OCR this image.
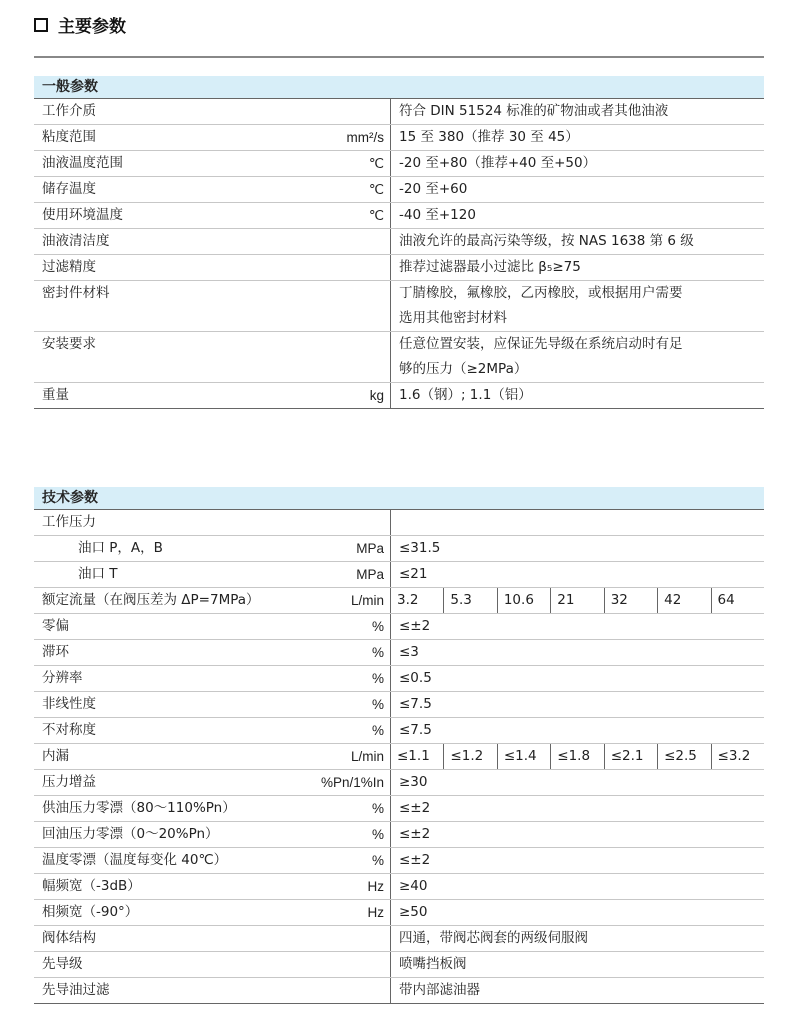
主要参数
一般参数
工作介质	符合 DIN 51524 标准的矿物油或者其他油液
粘度范围	mm²/s	15 至 380（推荐 30 至 45）
油液温度范围	℃	-20 至+80（推荐+40 至+50）
储存温度	℃	-20 至+60
使用环境温度	℃	-40 至+120
油液清洁度	油液允许的最高污染等级，按 NAS 1638 第 6 级
过滤精度	推荐过滤器最小过滤比 β₅≥75
密封件材料	丁腈橡胶，氟橡胶，乙丙橡胶，或根据用户需要
选用其他密封材料
安装要求	任意位置安装，应保证先导级在系统启动时有足
够的压力（≥2MPa）
重量	kg	1.6（钢）; 1.1（铝）
技术参数
工作压力
油口 P，A，B	MPa	≤31.5
油口 T	MPa	≤21
额定流量（在阀压差为 ΔP=7MPa）	L/min 3.2	5.3	10.6	21	32	42	64
零偏	%	≤±2
滞环	%	≤3
分辨率	%	≤0.5
非线性度	%	≤7.5
不对称度	%	≤7.5
内漏	L/min ≤1.1	≤1.2	≤1.4	≤1.8	≤2.1	≤2.5	≤3.2
压力增益	%Pn/1%In	≥30
供油压力零漂（80～110%Pn）	%	≤±2
回油压力零漂（0～20%Pn）	%	≤±2
温度零漂（温度每变化 40℃）	%	≤±2
幅频宽（-3dB）	Hz	≥40
相频宽（-90°）	Hz	≥50
阀体结构	四通，带阀芯阀套的两级伺服阀
先导级	喷嘴挡板阀
先导油过滤	带内部滤油器
